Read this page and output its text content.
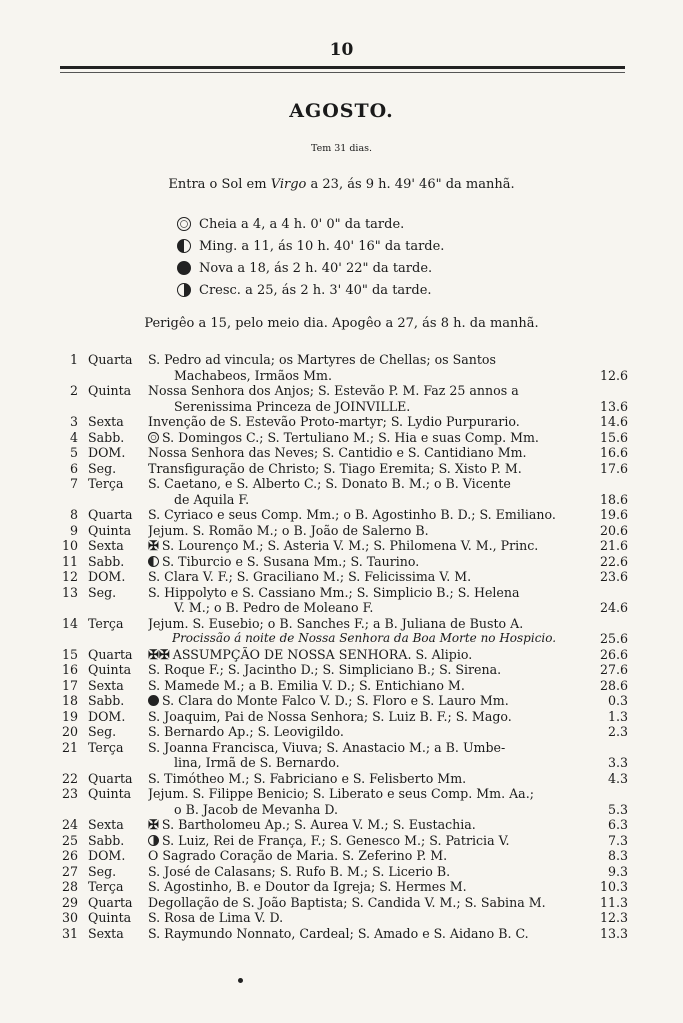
10
AGOSTO.
Tem 31 dias.
Entra o Sol em Virgo a 23, ás 9 h. 49' 46" da manhã.
Cheia a 4, a 4 h. 0' 0" da tarde.
Ming. a 11, ás 10 h. 40' 16" da tarde.
Nova a 18, ás 2 h. 40' 22" da tarde.
Cresc. a 25, ás 2 h. 3' 40" da tarde.
Perigêo a 15, pelo meio dia. Apogêo a 27, ás 8 h. da manhã.
1 Quarta	S. Pedro ad vincula; os Martyres de Chellas; os Santos
Machabeos, Irmãos Mm.	12.6
2 Quinta	Nossa Senhora dos Anjos; S. Estevão P. M. Faz 25 annos a
Serenissima Princeza de JOINVILLE.	13.6
3 Sexta	Invenção de S. Estevão Proto-martyr; S. Lydio Purpurario.	14.6
4 Sabb.	S. Domingos C.; S. Tertuliano M.; S. Hia e suas Comp. Mm.	15.6
5 DOM.	Nossa Senhora das Neves; S. Cantidio e S. Cantidiano Mm.	16.6
6 Seg.	Transfiguração de Christo; S. Tiago Eremita; S. Xisto P. M.	17.6
7 Terça	S. Caetano, e S. Alberto C.; S. Donato B. M.; o B. Vicente
de Aquila F.	18.6
8 Quarta	S. Cyriaco e seus Comp. Mm.; o B. Agostinho B. D.; S. Emiliano.	19.6
9 Quinta	Jejum. S. Romão M.; o B. João de Salerno B.	20.6
10 Sexta	✠ S. Lourenço M.; S. Asteria V. M.; S. Philomena V. M., Princ.	21.6
11 Sabb.	S. Tiburcio e S. Susana Mm.; S. Taurino.	22.6
12 DOM.	S. Clara V. F.; S. Graciliano M.; S. Felicissima V. M.	23.6
13 Seg.	S. Hippolyto e S. Cassiano Mm.; S. Simplicio B.; S. Helena
V. M.; o B. Pedro de Moleano F.	24.6
14 Terça	Jejum. S. Eusebio; o B. Sanches F.; a B. Juliana de Busto A.
Procissão á noite de Nossa Senhora da Boa Morte no Hospicio.	25.6
15 Quarta	✠✠ ASSUMPÇÃO DE NOSSA SENHORA. S. Alipio.	26.6
16 Quinta	S. Roque F.; S. Jacintho D.; S. Simpliciano B.; S. Sirena.	27.6
17 Sexta	S. Mamede M.; a B. Emilia V. D.; S. Entichiano M.	28.6
18 Sabb.	S. Clara do Monte Falco V. D.; S. Floro e S. Lauro Mm.	0.3
19 DOM.	S. Joaquim, Pai de Nossa Senhora; S. Luiz B. F.; S. Mago.	1.3
20 Seg.	S. Bernardo Ap.; S. Leovigildo.	2.3
21 Terça	S. Joanna Francisca, Viuva; S. Anastacio M.; a B. Umbe-
lina, Irmã de S. Bernardo.	3.3
22 Quarta	S. Timótheo M.; S. Fabriciano e S. Felisberto Mm.	4.3
23 Quinta	Jejum. S. Filippe Benicio; S. Liberato e seus Comp. Mm. Aa.;
o B. Jacob de Mevanha D.	5.3
24 Sexta	✠ S. Bartholomeu Ap.; S. Aurea V. M.; S. Eustachia.	6.3
25 Sabb.	S. Luiz, Rei de França, F.; S. Genesco M.; S. Patricia V.	7.3
26 DOM.	O Sagrado Coração de Maria. S. Zeferino P. M.	8.3
27 Seg.	S. José de Calasans; S. Rufo B. M.; S. Licerio B.	9.3
28 Terça	S. Agostinho, B. e Doutor da Igreja; S. Hermes M.	10.3
29 Quarta	Degollação de S. João Baptista; S. Candida V. M.; S. Sabina M.	11.3
30 Quinta	S. Rosa de Lima V. D.	12.3
31 Sexta	S. Raymundo Nonnato, Cardeal; S. Amado e S. Aidano B. C.	13.3
